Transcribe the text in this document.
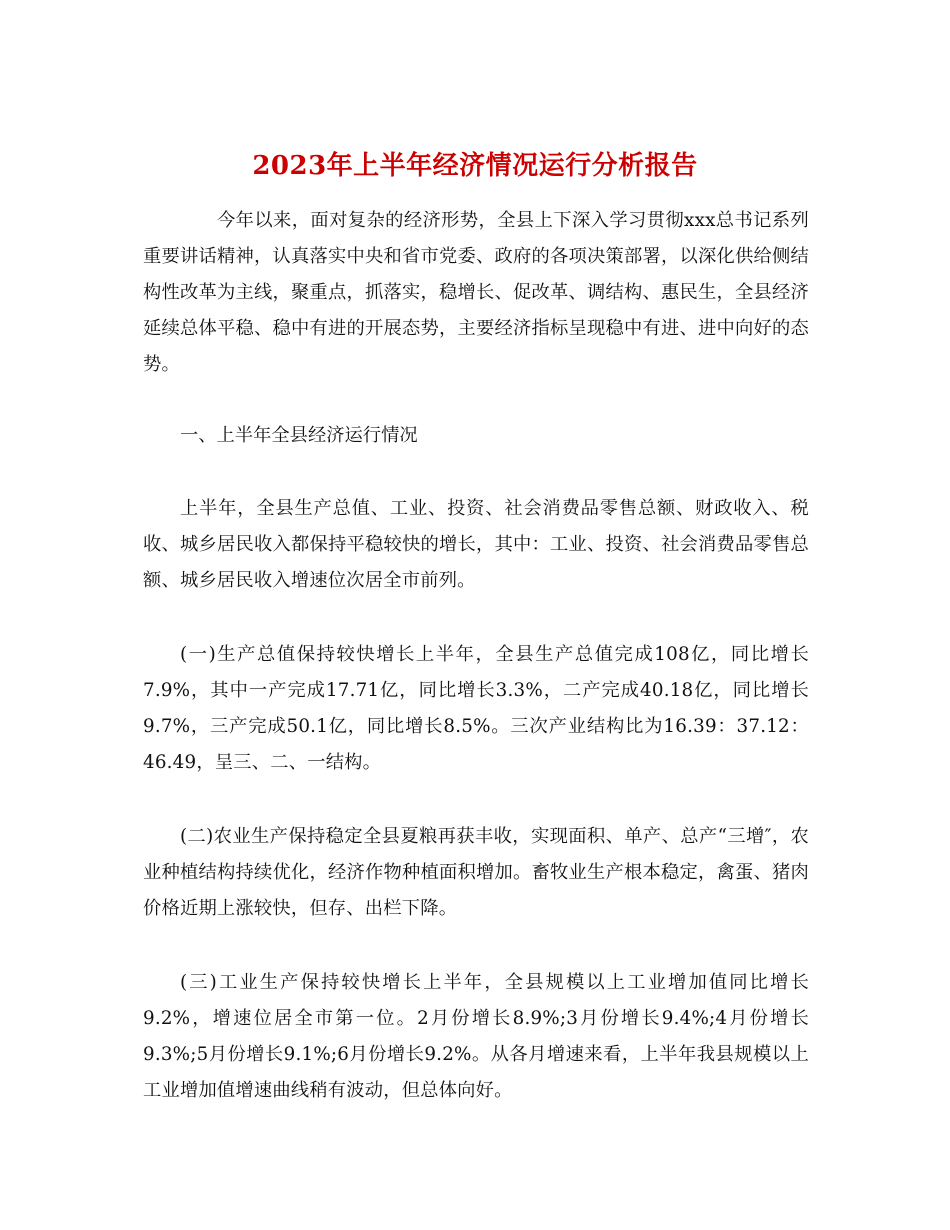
2023年上半年经济情况运行分析报告

今年以来，面对复杂的经济形势，全县上下深入学习贯彻xxx总书记系列重要讲话精神，认真落实中央和省市党委、政府的各项决策部署，以深化供给侧结构性改革为主线，聚重点，抓落实，稳增长、促改革、调结构、惠民生，全县经济延续总体平稳、稳中有进的开展态势，主要经济指标呈现稳中有进、进中向好的态势。

一、上半年全县经济运行情况

上半年，全县生产总值、工业、投资、社会消费品零售总额、财政收入、税收、城乡居民收入都保持平稳较快的增长，其中：工业、投资、社会消费品零售总额、城乡居民收入增速位次居全市前列。

(一)生产总值保持较快增长上半年，全县生产总值完成108亿，同比增长7.9%，其中一产完成17.71亿，同比增长3.3%，二产完成40.18亿，同比增长9.7%，三产完成50.1亿，同比增长8.5%。三次产业结构比为16.39：37.12：46.49，呈三、二、一结构。

(二)农业生产保持稳定全县夏粮再获丰收，实现面积、单产、总产“三增″，农业种植结构持续优化，经济作物种植面积增加。畜牧业生产根本稳定，禽蛋、猪肉价格近期上涨较快，但存、出栏下降。

(三)工业生产保持较快增长上半年，全县规模以上工业增加值同比增长9.2%，增速位居全市第一位。2月份增长8.9%;3月份增长9.4%;4月份增长9.3%;5月份增长9.1%;6月份增长9.2%。从各月增速来看，上半年我县规模以上工业增加值增速曲线稍有波动，但总体向好。
